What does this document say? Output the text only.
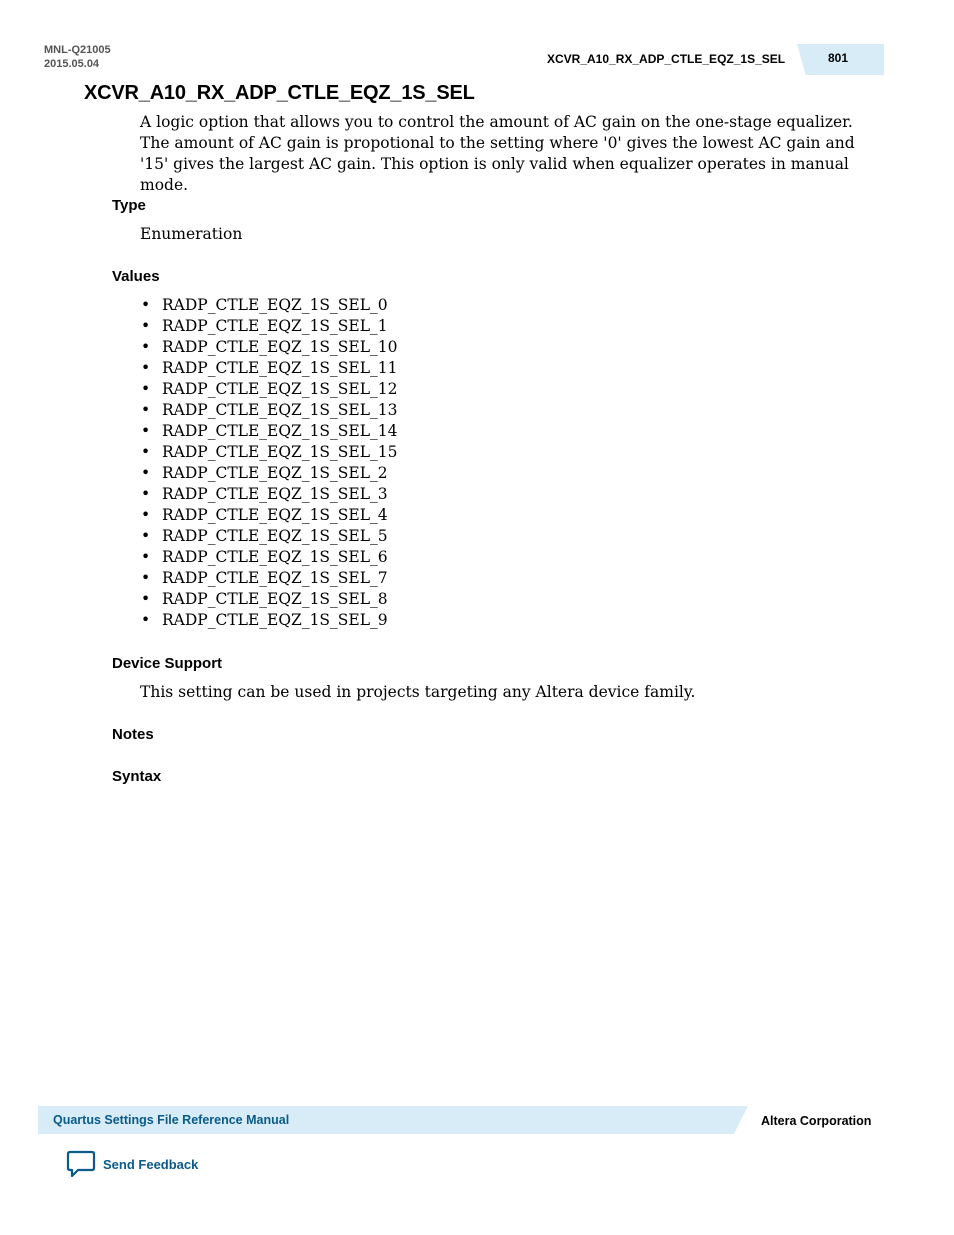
MNL-Q21005
2015.05.04	XCVR_A10_RX_ADP_CTLE_EQZ_1S_SEL	801
XCVR_A10_RX_ADP_CTLE_EQZ_1S_SEL
A logic option that allows you to control the amount of AC gain on the one-stage equalizer. The amount of AC gain is propotional to the setting where '0' gives the lowest AC gain and '15' gives the largest AC gain. This option is only valid when equalizer operates in manual mode.
Type
Enumeration
Values
• RADP_CTLE_EQZ_1S_SEL_0
• RADP_CTLE_EQZ_1S_SEL_1
• RADP_CTLE_EQZ_1S_SEL_10
• RADP_CTLE_EQZ_1S_SEL_11
• RADP_CTLE_EQZ_1S_SEL_12
• RADP_CTLE_EQZ_1S_SEL_13
• RADP_CTLE_EQZ_1S_SEL_14
• RADP_CTLE_EQZ_1S_SEL_15
• RADP_CTLE_EQZ_1S_SEL_2
• RADP_CTLE_EQZ_1S_SEL_3
• RADP_CTLE_EQZ_1S_SEL_4
• RADP_CTLE_EQZ_1S_SEL_5
• RADP_CTLE_EQZ_1S_SEL_6
• RADP_CTLE_EQZ_1S_SEL_7
• RADP_CTLE_EQZ_1S_SEL_8
• RADP_CTLE_EQZ_1S_SEL_9
Device Support
This setting can be used in projects targeting any Altera device family.
Notes
Syntax
Quartus Settings File Reference Manual	Altera Corporation
Send Feedback
